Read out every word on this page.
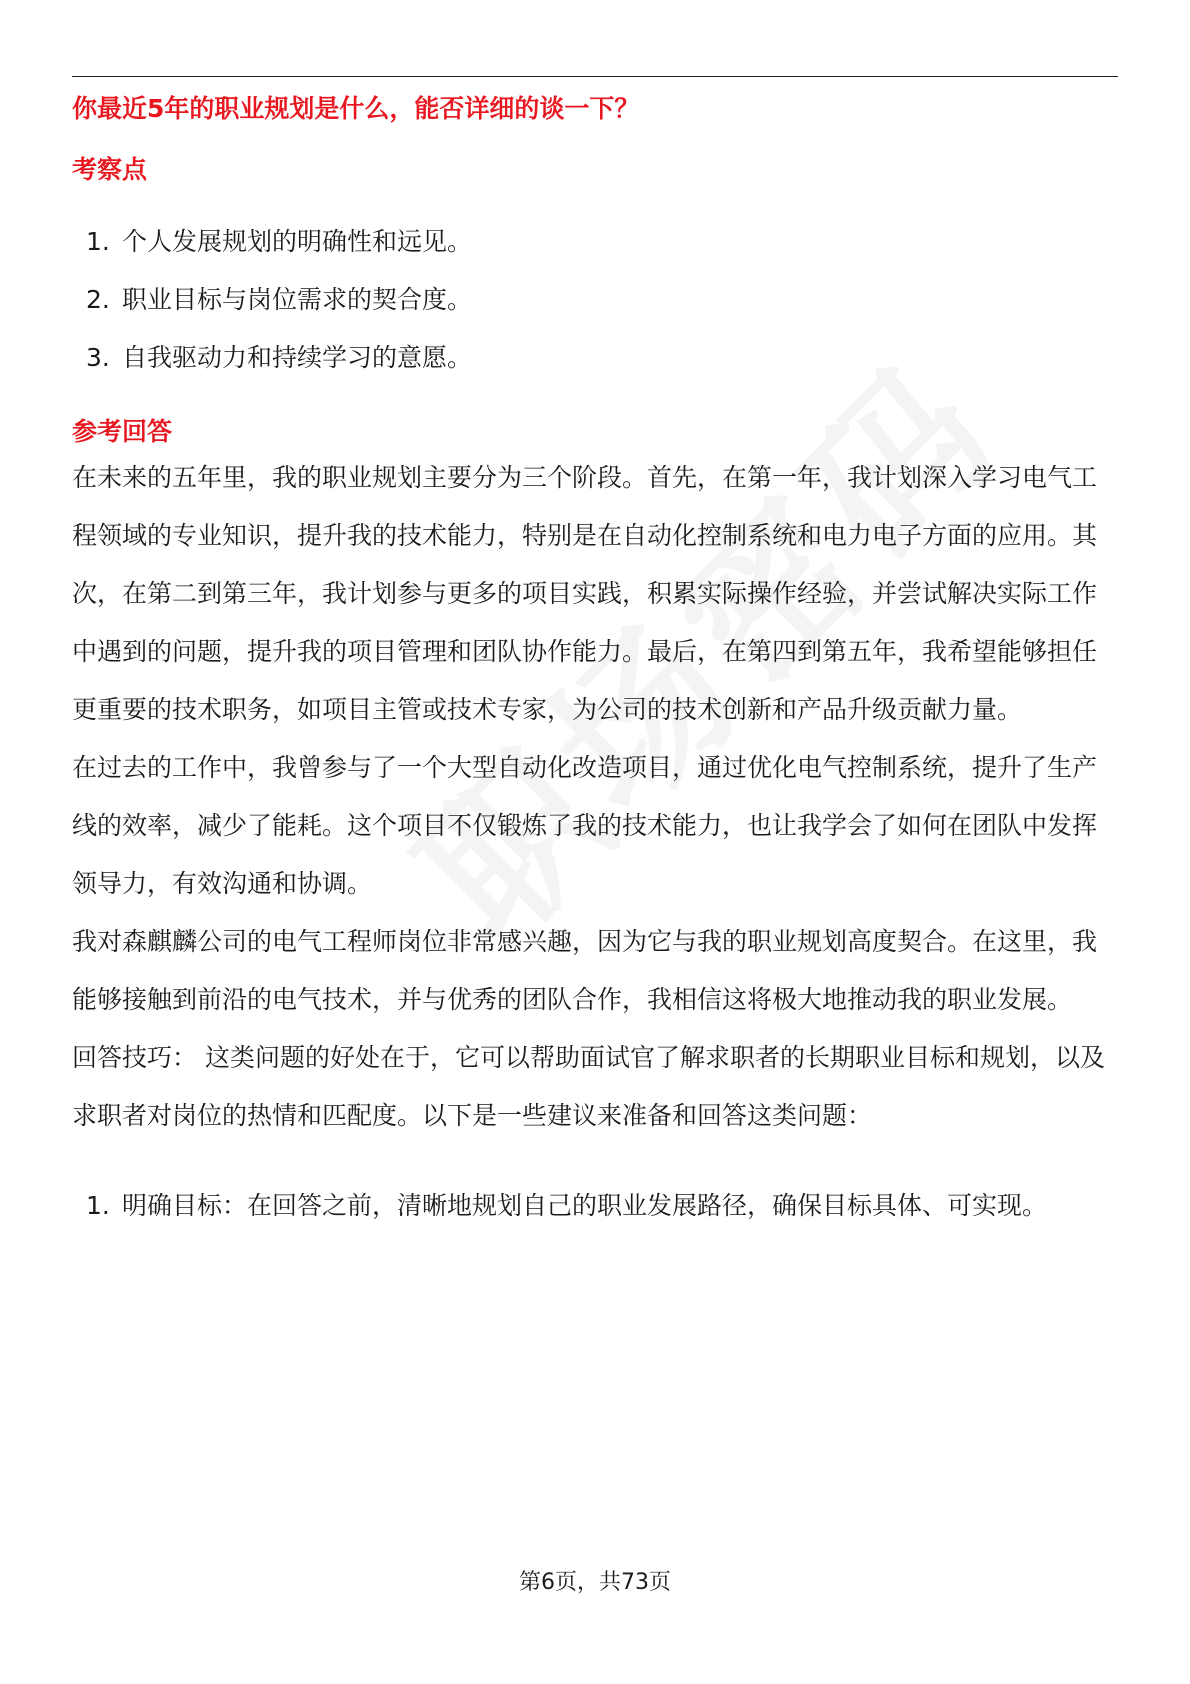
你最近5年的职业规划是什么，能否详细的谈一下？

考察点

1. 个人发展规划的明确性和远见。
2. 职业目标与岗位需求的契合度。
3. 自我驱动力和持续学习的意愿。

参考回答

在未来的五年里，我的职业规划主要分为三个阶段。首先，在第一年，我计划深入学习电气工程领域的专业知识，提升我的技术能力，特别是在自动化控制系统和电力电子方面的应用。其次，在第二到第三年，我计划参与更多的项目实践，积累实际操作经验，并尝试解决实际工作中遇到的问题，提升我的项目管理和团队协作能力。最后，在第四到第五年，我希望能够担任更重要的技术职务，如项目主管或技术专家，为公司的技术创新和产品升级贡献力量。

在过去的工作中，我曾参与了一个大型自动化改造项目，通过优化电气控制系统，提升了生产线的效率，减少了能耗。这个项目不仅锻炼了我的技术能力，也让我学会了如何在团队中发挥领导力，有效沟通和协调。

我对森麒麟公司的电气工程师岗位非常感兴趣，因为它与我的职业规划高度契合。在这里，我能够接触到前沿的电气技术，并与优秀的团队合作，我相信这将极大地推动我的职业发展。

回答技巧： 这类问题的好处在于，它可以帮助面试官了解求职者的长期职业目标和规划，以及求职者对岗位的热情和匹配度。以下是一些建议来准备和回答这类问题：

1. 明确目标：在回答之前，清晰地规划自己的职业发展路径，确保目标具体、可实现。
第6页，共73页
